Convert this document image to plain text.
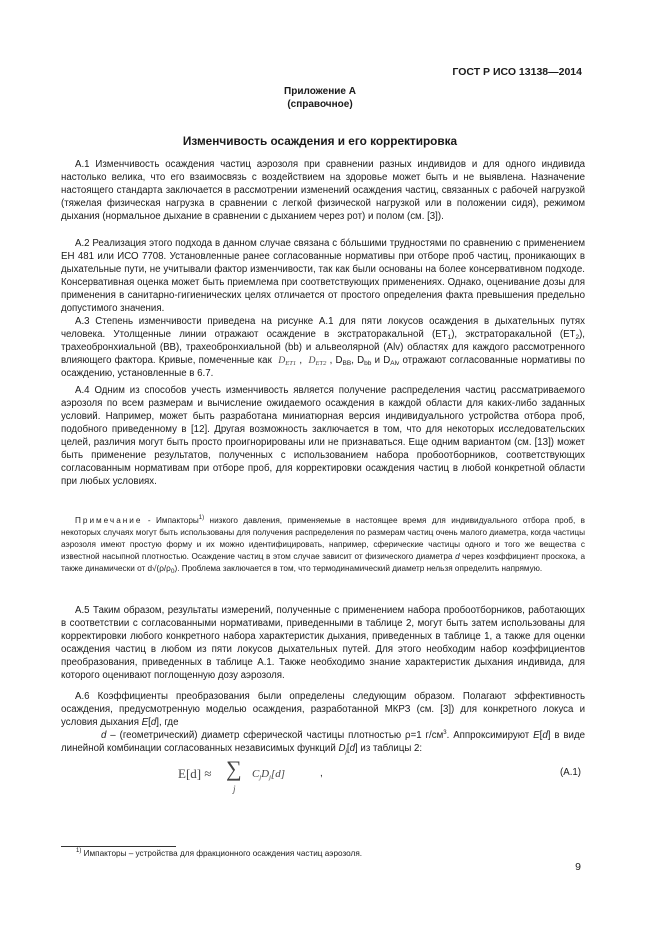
ГОСТ Р ИСО 13138—2014
Приложение А
(справочное)
Изменчивость осаждения и его корректировка
А.1 Изменчивость осаждения частиц аэрозоля при сравнении разных индивидов и для одного индивида настолько велика, что его взаимосвязь с воздействием на здоровье может быть и не выявлена. Назначение настоящего стандарта заключается в рассмотрении изменений осаждения частиц, связанных с рабочей нагрузкой (тяжелая физическая нагрузка в сравнении с легкой физической нагрузкой или в положении сидя), режимом дыхания (нормальное дыхание в сравнении с дыханием через рот) и полом (см. [3]).
А.2 Реализация этого подхода в данном случае связана с бóльшими трудностями по сравнению с применением ЕН 481 или ИСО 7708. Установленные ранее согласованные нормативы при отборе проб частиц, проникающих в дыхательные пути, не учитывали фактор изменчивости, так как были основаны на более консервативном подходе. Консервативная оценка может быть приемлема при соответствующих применениях. Однако, оценивание дозы для применения в санитарно-гигиенических целях отличается от простого определения факта превышения предельно допустимого значения.
А.3 Степень изменчивости приведена на рисунке А.1 для пяти локусов осаждения в дыхательных путях человека. Утолщенные линии отражают осаждение в экстраторакальной $(ЕТ_1)$, экстраторакальной $(ЕТ_2)$, трахеобронхиальной (ВВ), трахеобронхиальной (bb) и альвеолярной (Alv) областях для каждого рассмотренного влияющего фактора. Кривые, помеченные как $D_{ET1}$ ,  $D_{ET2}$ , $D_{BB}$, $D_{bb}$ и $D_{Alv}$ отражают согласованные нормативы по осаждению, установленные в 6.7.
А.4 Одним из способов учесть изменчивость является получение распределения частиц рассматриваемого аэрозоля по всем размерам и вычисление ожидаемого осаждения в каждой области для каких-либо заданных условий. Например, может быть разработана миниатюрная версия индивидуального устройства отбора проб, подобного приведенному в [12]. Другая возможность заключается в том, что для некоторых исследовательских целей, различия могут быть просто проигнорированы или не признаваться. Еще одним вариантом (см. [13]) может быть применение результатов, полученных с использованием набора пробоотборников, соответствующих согласованным нормативам при отборе проб, для корректировки осаждения частиц в любой конкретной области при любых условиях.
Примечание - Импакторы$^{1)}$ низкого давления, применяемые в настоящее время для индивидуального отбора проб, в некоторых случаях могут быть использованы для получения распределения по размерам частиц очень малого диаметра, когда частицы аэрозоля имеют простую форму и их можно идентифицировать, например, сферические частицы одного и того же вещества с известной насыпной плотностью. Осаждение частиц в этом случае зависит от физического диаметра d через коэффициент проскока, а также динамически от $d√(\rho/\rho_0)$. Проблема заключается в том, что термодинамический диаметр нельзя определить напрямую.
А.5 Таким образом, результаты измерений, полученные с применением набора пробоотборников, работающих в соответствии с согласованными нормативами, приведенными в таблице 2, могут быть затем использованы для корректировки любого конкретного набора характеристик дыхания, приведенных в таблице 1, а также для оценки осаждения частиц в любом из пяти локусов дыхательных путей. Для этого необходим набор коэффициентов преобразования, приведенных в таблице А.1. Также необходимо знание характеристик дыхания индивида, для которого оценивают поглощенную дозу аэрозоля.
А.6 Коэффициенты преобразования были определены следующим образом. Полагают эффективность осаждения, предусмотренную моделью осаждения, разработанной МКРЗ (см. [3]) для конкретного локуса и условия дыхания E[d], где
d – (геометрический) диаметр сферической частицы плотностью ρ=1 $г/см^3$. Аппроксимируют E[d] в виде линейной комбинации согласованных независимых функций $D_j[d]$ из таблицы 2:
E[d] ≈ ∑
j
$C_jD_j[d]$	,	(A.1)
$^{1)}$ Импакторы – устройства для фракционного осаждения частиц аэрозоля.
9
